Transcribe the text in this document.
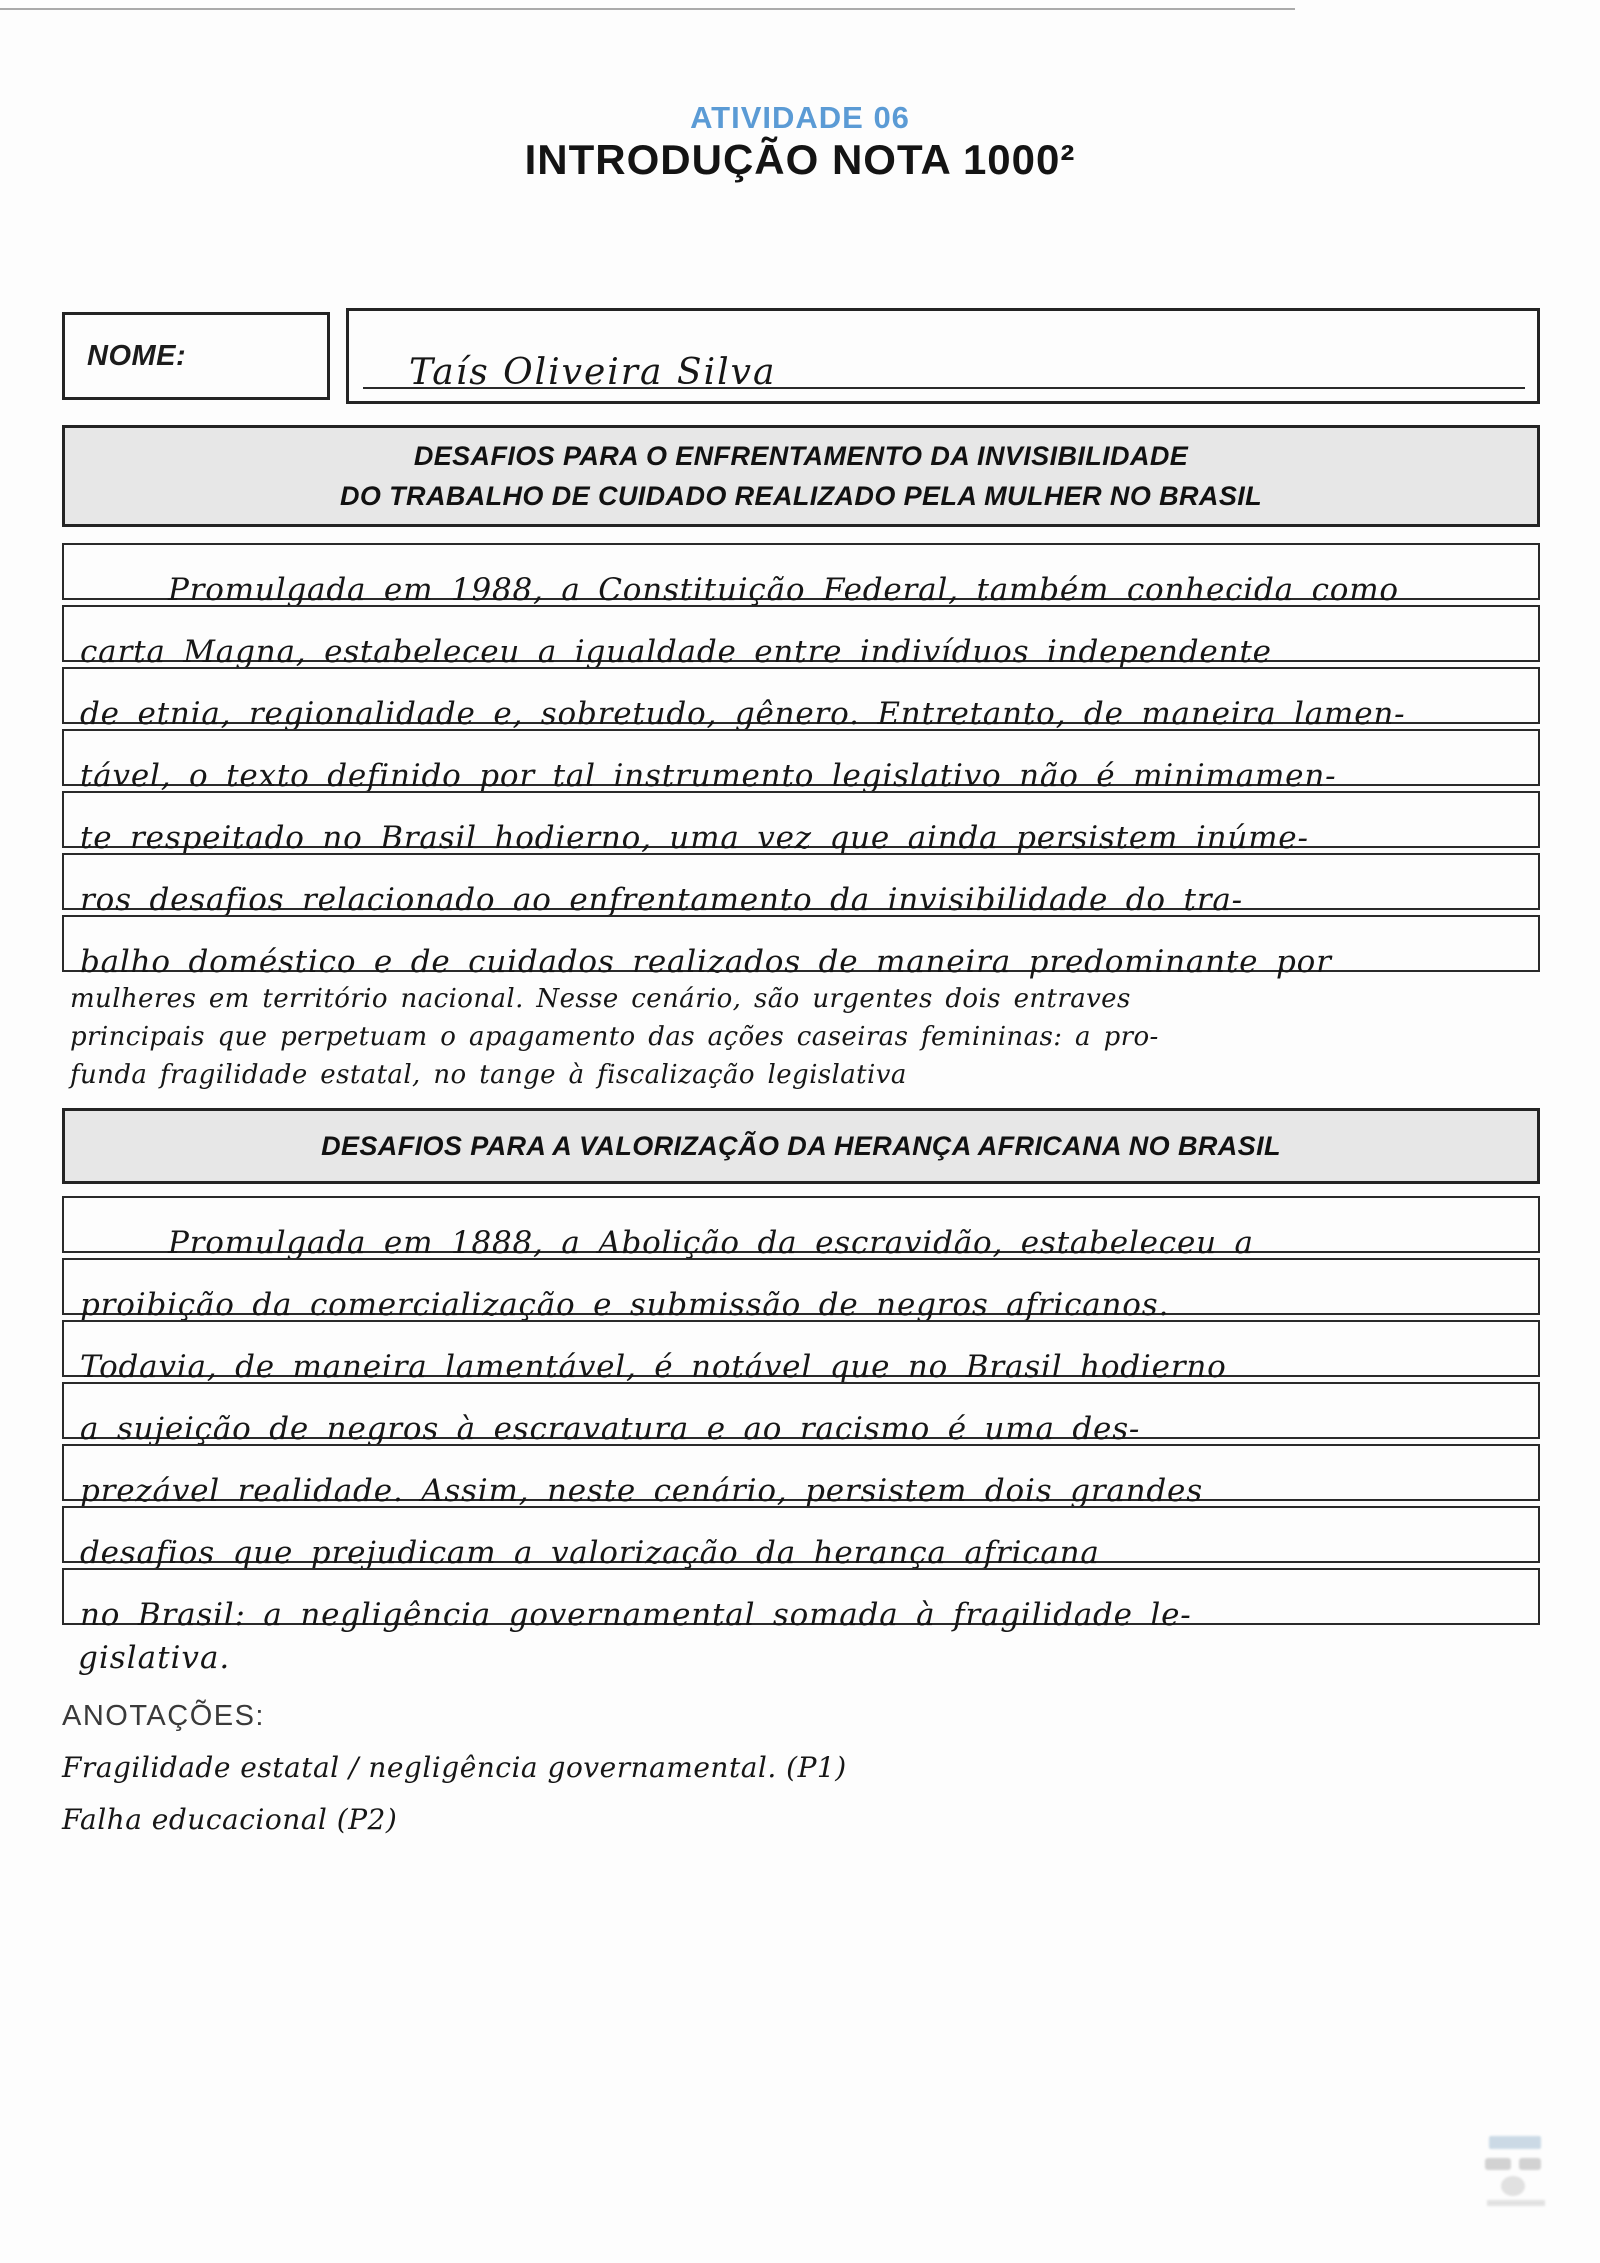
ATIVIDADE 06
INTRODUÇÃO NOTA 1000²
NOME:	Taís Oliveira Silva
DESAFIOS PARA O ENFRENTAMENTO DA INVISIBILIDADE
DO TRABALHO DE CUIDADO REALIZADO PELA MULHER NO BRASIL
Promulgada em 1988, a Constituição Federal, também conhecida como
carta Magna, estabeleceu a igualdade entre indivíduos independente
de etnia, regionalidade e, sobretudo, gênero. Entretanto, de maneira lamen-
tável, o texto definido por tal instrumento legislativo não é minimamen-
te respeitado no Brasil hodierno, uma vez que ainda persistem inúme-
ros desafios relacionado ao enfrentamento da invisibilidade do tra-
balho doméstico e de cuidados realizados de maneira predominante por
mulheres em território nacional. Nesse cenário, são urgentes dois entraves
principais que perpetuam o apagamento das ações caseiras femininas: a pro-
funda fragilidade estatal, no tange à fiscalização legislativa
DESAFIOS PARA A VALORIZAÇÃO DA HERANÇA AFRICANA NO BRASIL
Promulgada em 1888, a Abolição da escravidão, estabeleceu a
proibição da comercialização e submissão de negros africanos.
Todavia, de maneira lamentável, é notável que no Brasil hodierno
a sujeição de negros à escravatura e ao racismo é uma des-
prezável realidade. Assim, neste cenário, persistem dois grandes
desafios que prejudicam a valorização da herança africana
no Brasil: a negligência governamental somada à fragilidade le-
gislativa.
ANOTAÇÕES:
Fragilidade estatal / negligência governamental. (P1)
Falha educacional (P2)
